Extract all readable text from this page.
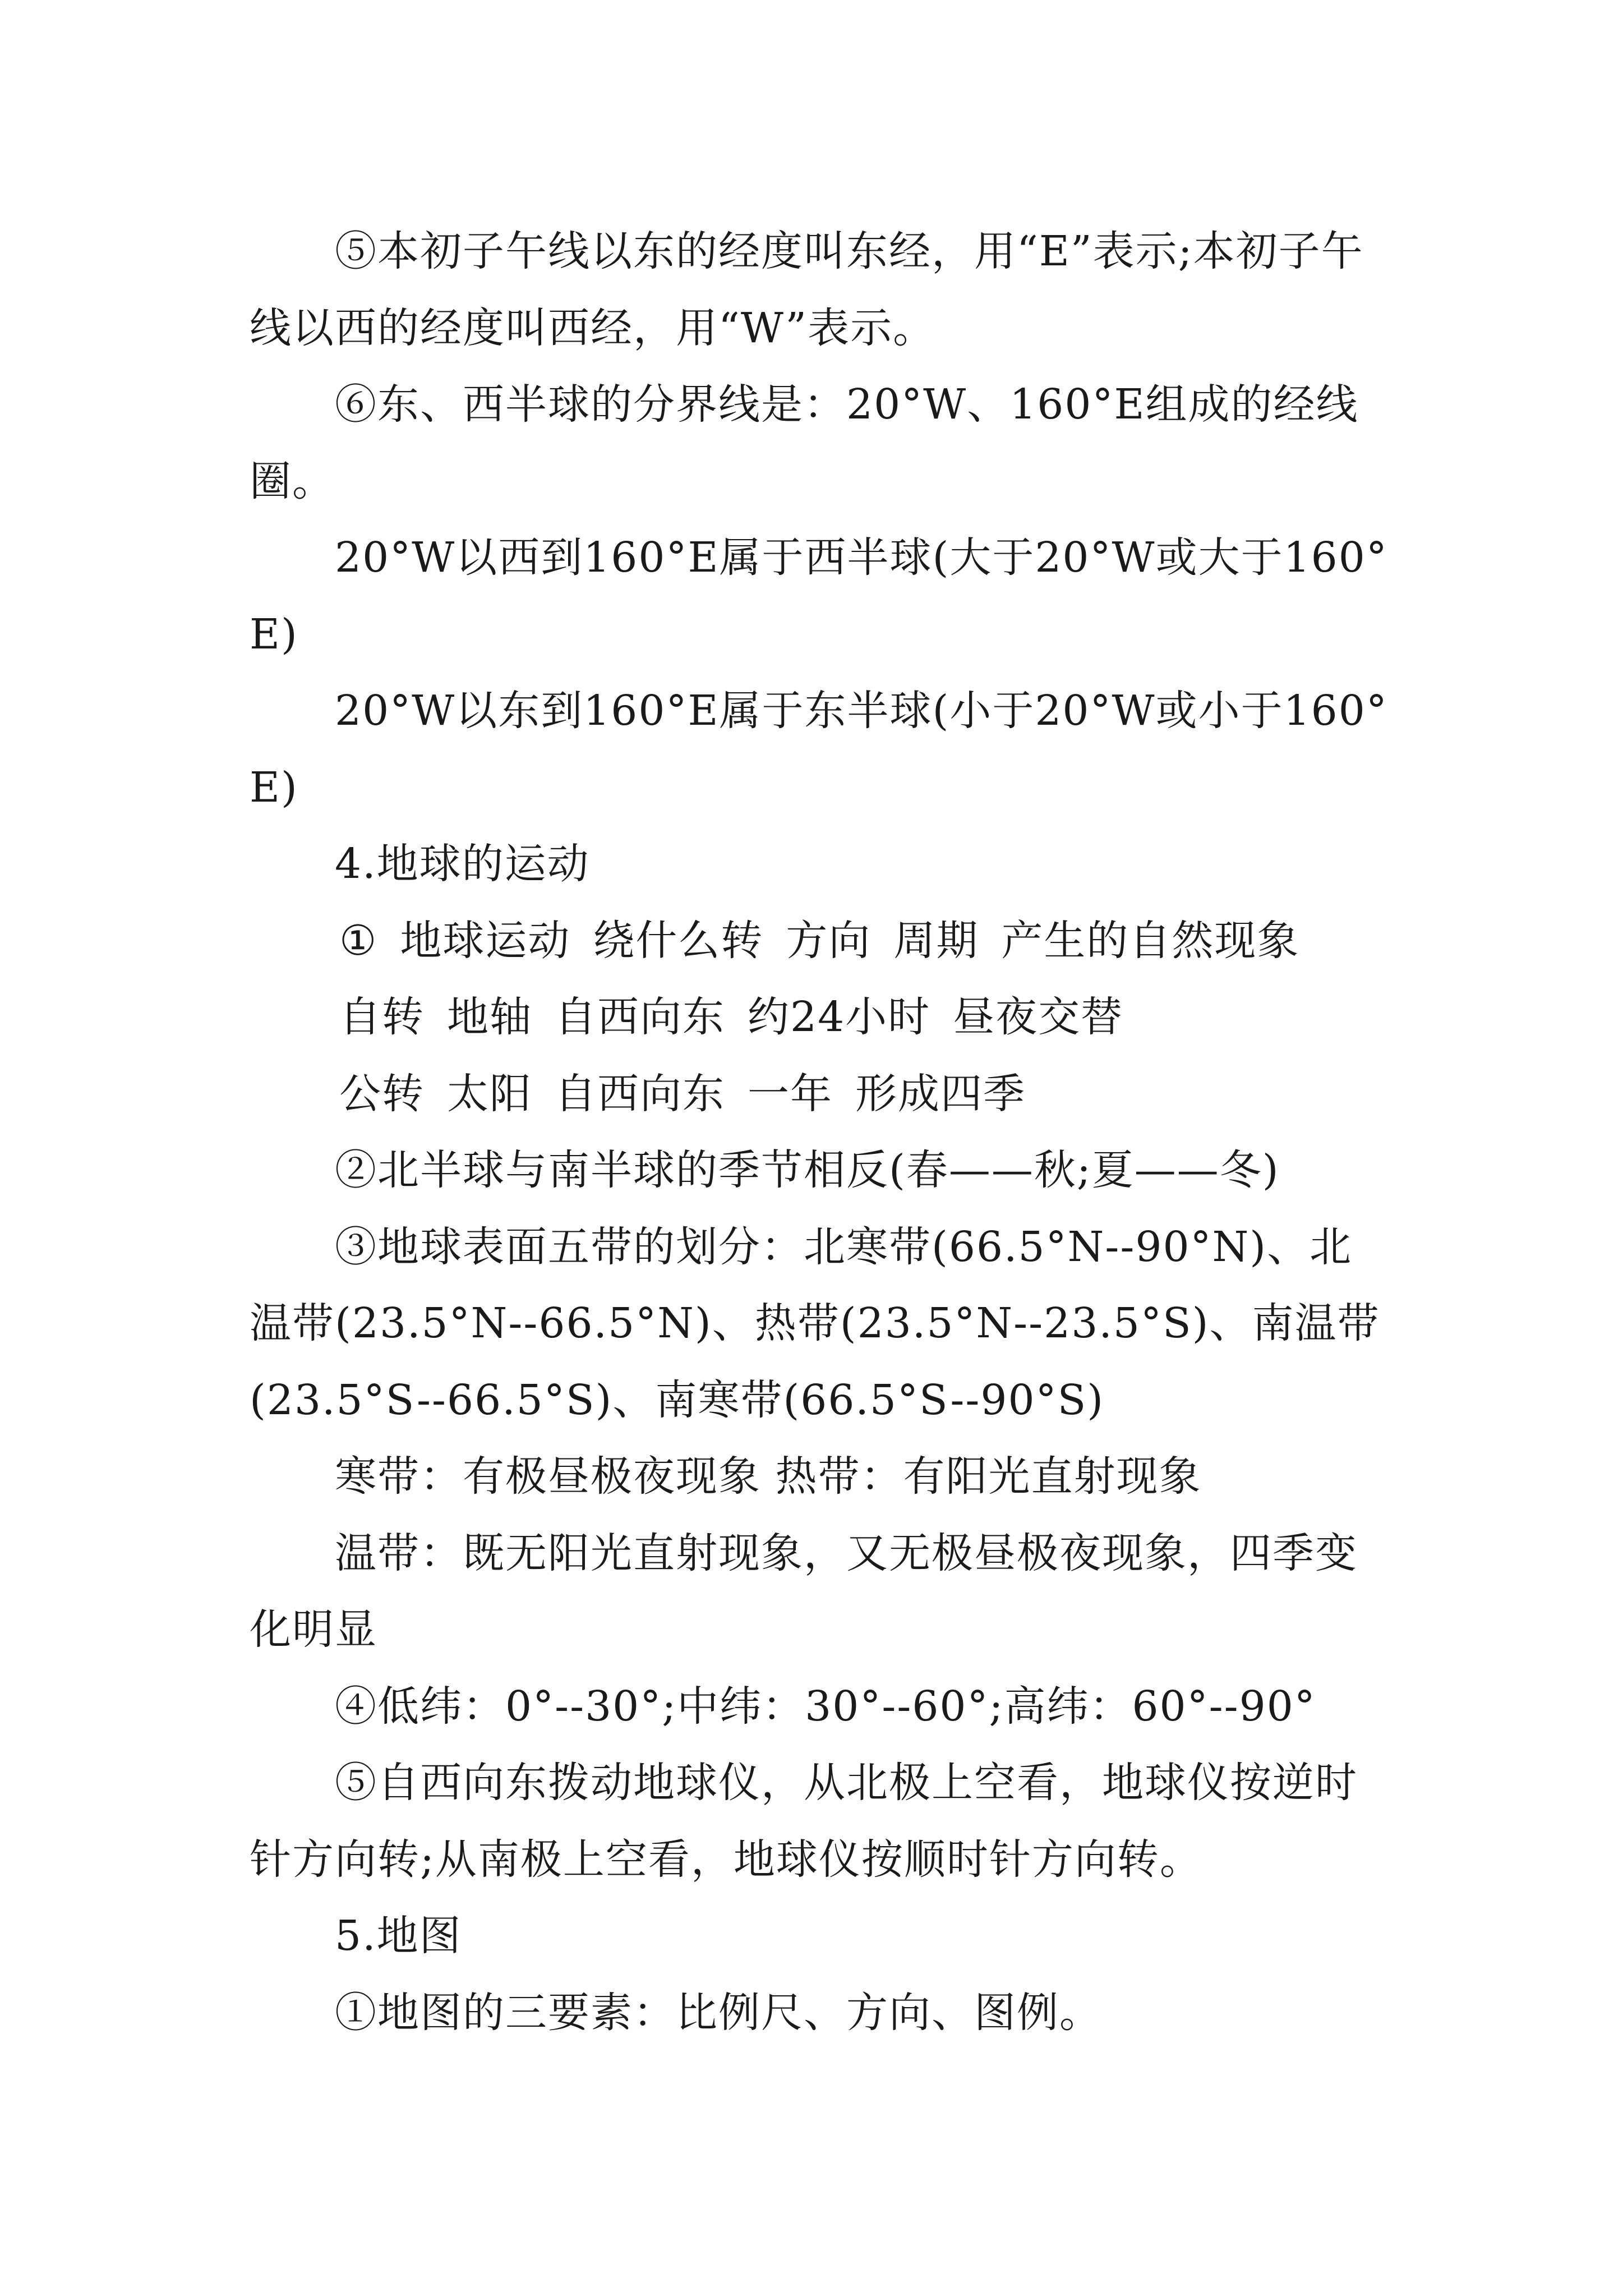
⑤本初子午线以东的经度叫东经，用“E”表示;本初子午线以西的经度叫西经，用“W”表示。

⑥东、西半球的分界线是：20°W、160°E组成的经线圈。

20°W以西到160°E属于西半球(大于20°W或大于160°E)

20°W以东到160°E属于东半球(小于20°W或小于160°E)

4.地球的运动

① 地球运动 绕什么转 方向 周期 产生的自然现象
自转 地轴 自西向东 约24小时 昼夜交替
公转 太阳 自西向东 一年 形成四季

②北半球与南半球的季节相反(春——秋;夏——冬)

③地球表面五带的划分：北寒带(66.5°N--90°N)、北温带(23.5°N--66.5°N)、热带(23.5°N--23.5°S)、南温带(23.5°S--66.5°S)、南寒带(66.5°S--90°S)

寒带：有极昼极夜现象 热带：有阳光直射现象

温带：既无阳光直射现象，又无极昼极夜现象，四季变化明显

④低纬：0°--30°;中纬：30°--60°;高纬：60°--90°

⑤自西向东拨动地球仪，从北极上空看，地球仪按逆时针方向转;从南极上空看，地球仪按顺时针方向转。

5.地图

①地图的三要素：比例尺、方向、图例。
